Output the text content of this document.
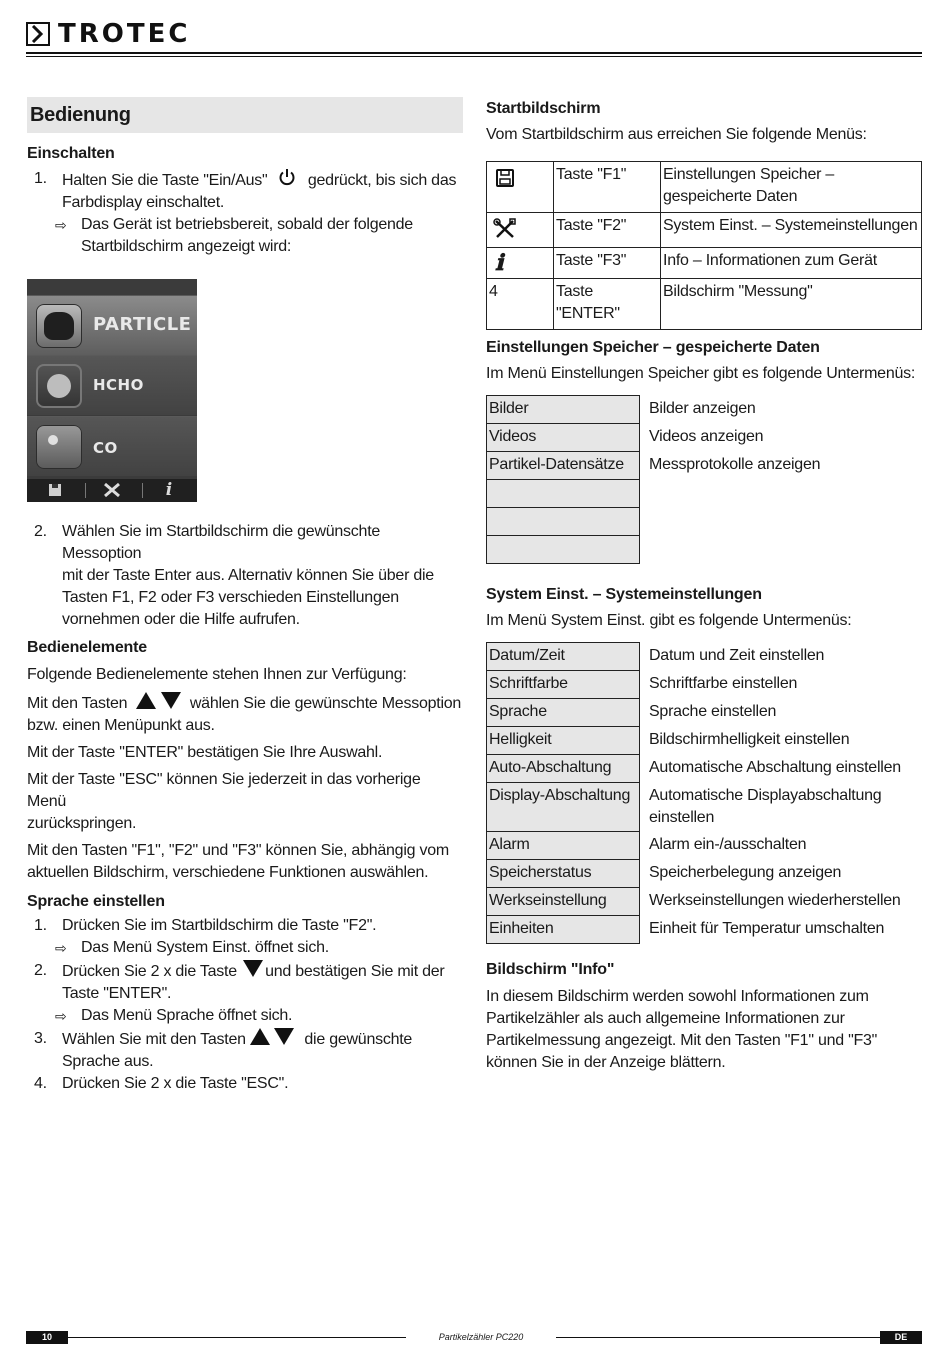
TROTEC
Bedienung
Einschalten
1. Halten Sie die Taste "Ein/Aus"	gedrückt, bis sich das
Farbdisplay einschaltet.
⇨ Das Gerät ist betriebsbereit, sobald der folgende
Startbildschirm angezeigt wird:
PARTICLE
HCHO
CO
i
2. Wählen Sie im Startbildschirm die gewünschte Messoption
mit der Taste Enter aus. Alternativ können Sie über die
Tasten F1, F2 oder F3 verschieden Einstellungen
vornehmen oder die Hilfe aufrufen.
Bedienelemente

Folgende Bedienelemente stehen Ihnen zur Verfügung:

Mit den Tasten	wählen Sie die gewünschte Messoption
bzw. einen Menüpunkt aus.

Mit der Taste "ENTER" bestätigen Sie Ihre Auswahl.

Mit der Taste "ESC" können Sie jederzeit in das vorherige Menü
zurückspringen.

Mit den Tasten "F1", "F2" und "F3" können Sie, abhängig vom
aktuellen Bildschirm, verschiedene Funktionen auswählen.

Sprache einstellen
1. Drücken Sie im Startbildschirm die Taste "F2".
⇨ Das Menü System Einst. öffnet sich.
2. Drücken Sie 2 x die Taste und bestätigen Sie mit der
Taste "ENTER".
⇨ Das Menü Sprache öffnet sich.
3. Wählen Sie mit den Tasten	die gewünschte
Sprache aus.
4. Drücken Sie 2 x die Taste "ESC".
Startbildschirm

Vom Startbildschirm aus erreichen Sie folgende Menüs:

	Taste "F1"	Einstellungen Speicher – gespeicherte Daten
	Taste "F2"	System Einst. – Systemeinstellungen
ℹ	Taste "F3"	Info – Informationen zum Gerät
4	Taste "ENTER"	Bildschirm "Messung"
Einstellungen Speicher – gespeicherte Daten

Im Menü Einstellungen Speicher gibt es folgende Untermenüs:

Bilder	Bilder anzeigen
Videos	Videos anzeigen
Partikel-Datensätze	Messprotokolle anzeigen

System Einst. – Systemeinstellungen

Im Menü System Einst. gibt es folgende Untermenüs:

Datum/Zeit	Datum und Zeit einstellen
Schriftfarbe	Schriftfarbe einstellen
Sprache	Sprache einstellen
Helligkeit	Bildschirmhelligkeit einstellen
Auto-Abschaltung	Automatische Abschaltung einstellen
Display-Abschaltung	Automatische Displayabschaltung einstellen
Alarm	Alarm ein-/ausschalten
Speicherstatus	Speicherbelegung anzeigen
Werkseinstellung	Werkseinstellungen wiederherstellen
Einheiten	Einheit für Temperatur umschalten
Bildschirm "Info"

In diesem Bildschirm werden sowohl Informationen zum
Partikelzähler als auch allgemeine Informationen zur
Partikelmessung angezeigt. Mit den Tasten "F1" und "F3"
können Sie in der Anzeige blättern.

10	Partikelzähler PC220	DE
